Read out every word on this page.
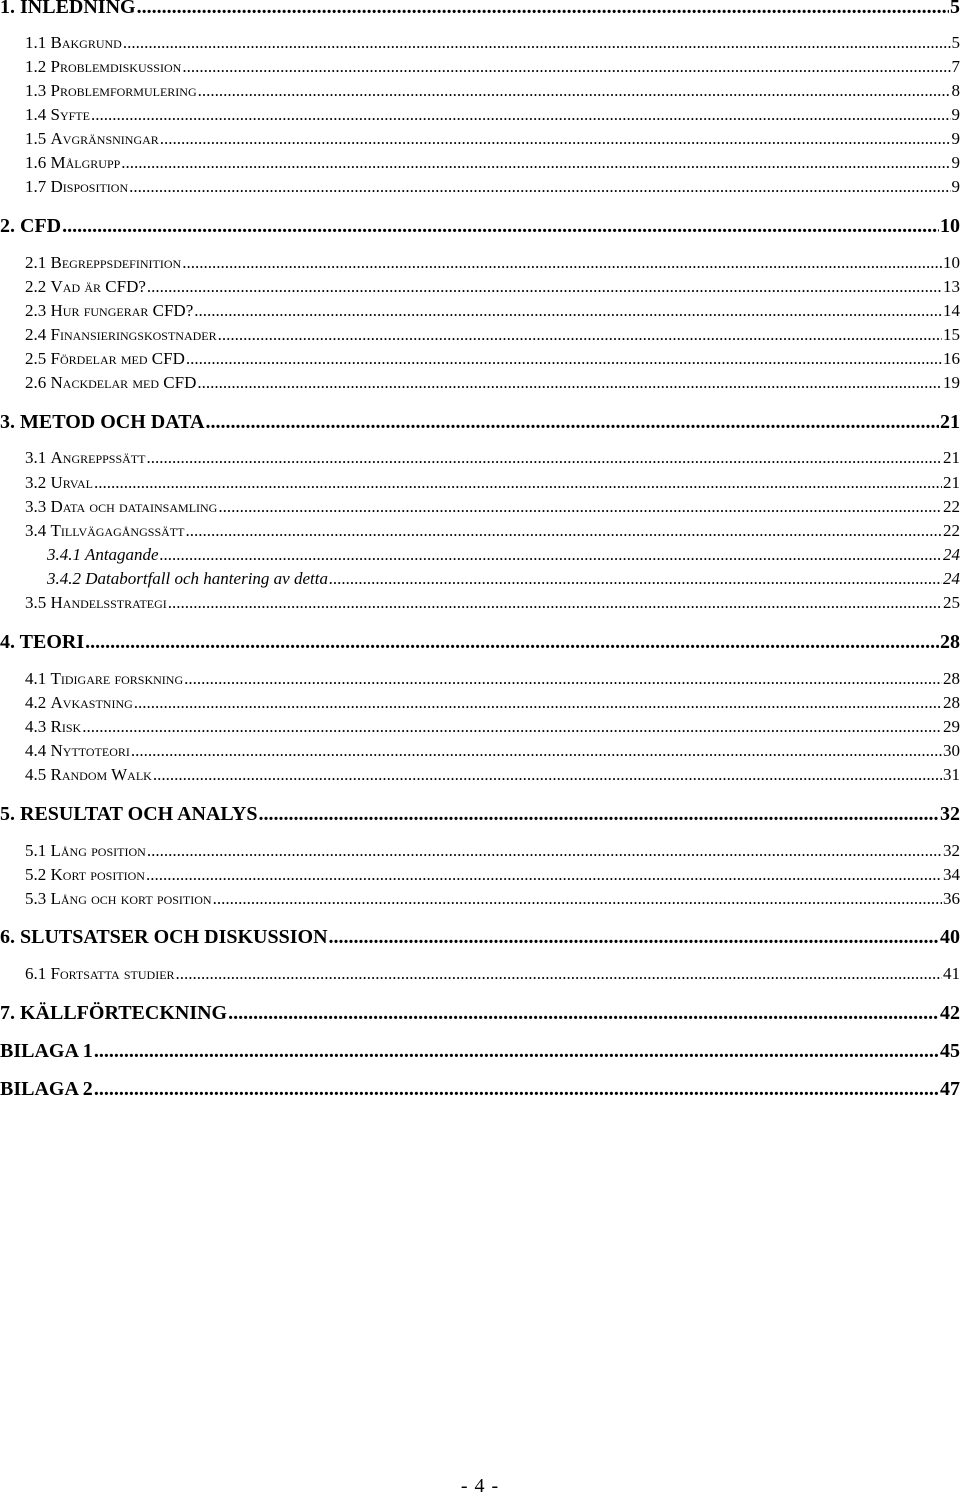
1. INLEDNING .....	5
1.1 Bakgrund .....	5
1.2 Problemdiskussion .....	7
1.3 Problemformulering .....	8
1.4 Syfte .....	9
1.5 Avgränsningar .....	9
1.6 Målgrupp .....	9
1.7 Disposition .....	9
2. CFD .....	10
2.1 Begreppsdefinition .....	10
2.2 Vad är CFD? .....	13
2.3 Hur fungerar CFD? .....	14
2.4 Finansieringskostnader .....	15
2.5 Fördelar med CFD .....	16
2.6 Nackdelar med CFD .....	19
3. METOD OCH DATA .....	21
3.1 Angreppssätt .....	21
3.2 Urval .....	21
3.3 Data och datainsamling .....	22
3.4 Tillvägagångssätt .....	22
3.4.1 Antagande .....	24
3.4.2 Databortfall och hantering av detta .....	24
3.5 Handelsstrategi .....	25
4. TEORI .....	28
4.1 Tidigare forskning .....	28
4.2 Avkastning .....	28
4.3 Risk .....	29
4.4 Nyttoteori .....	30
4.5 Random Walk .....	31
5. RESULTAT OCH ANALYS .....	32
5.1 Lång position .....	32
5.2 Kort position .....	34
5.3 Lång och kort position .....	36
6. SLUTSATSER OCH DISKUSSION .....	40
6.1 Fortsatta studier .....	41
7. KÄLLFÖRTECKNING .....	42
BILAGA 1 .....	45
BILAGA 2 .....	47
- 4 -
